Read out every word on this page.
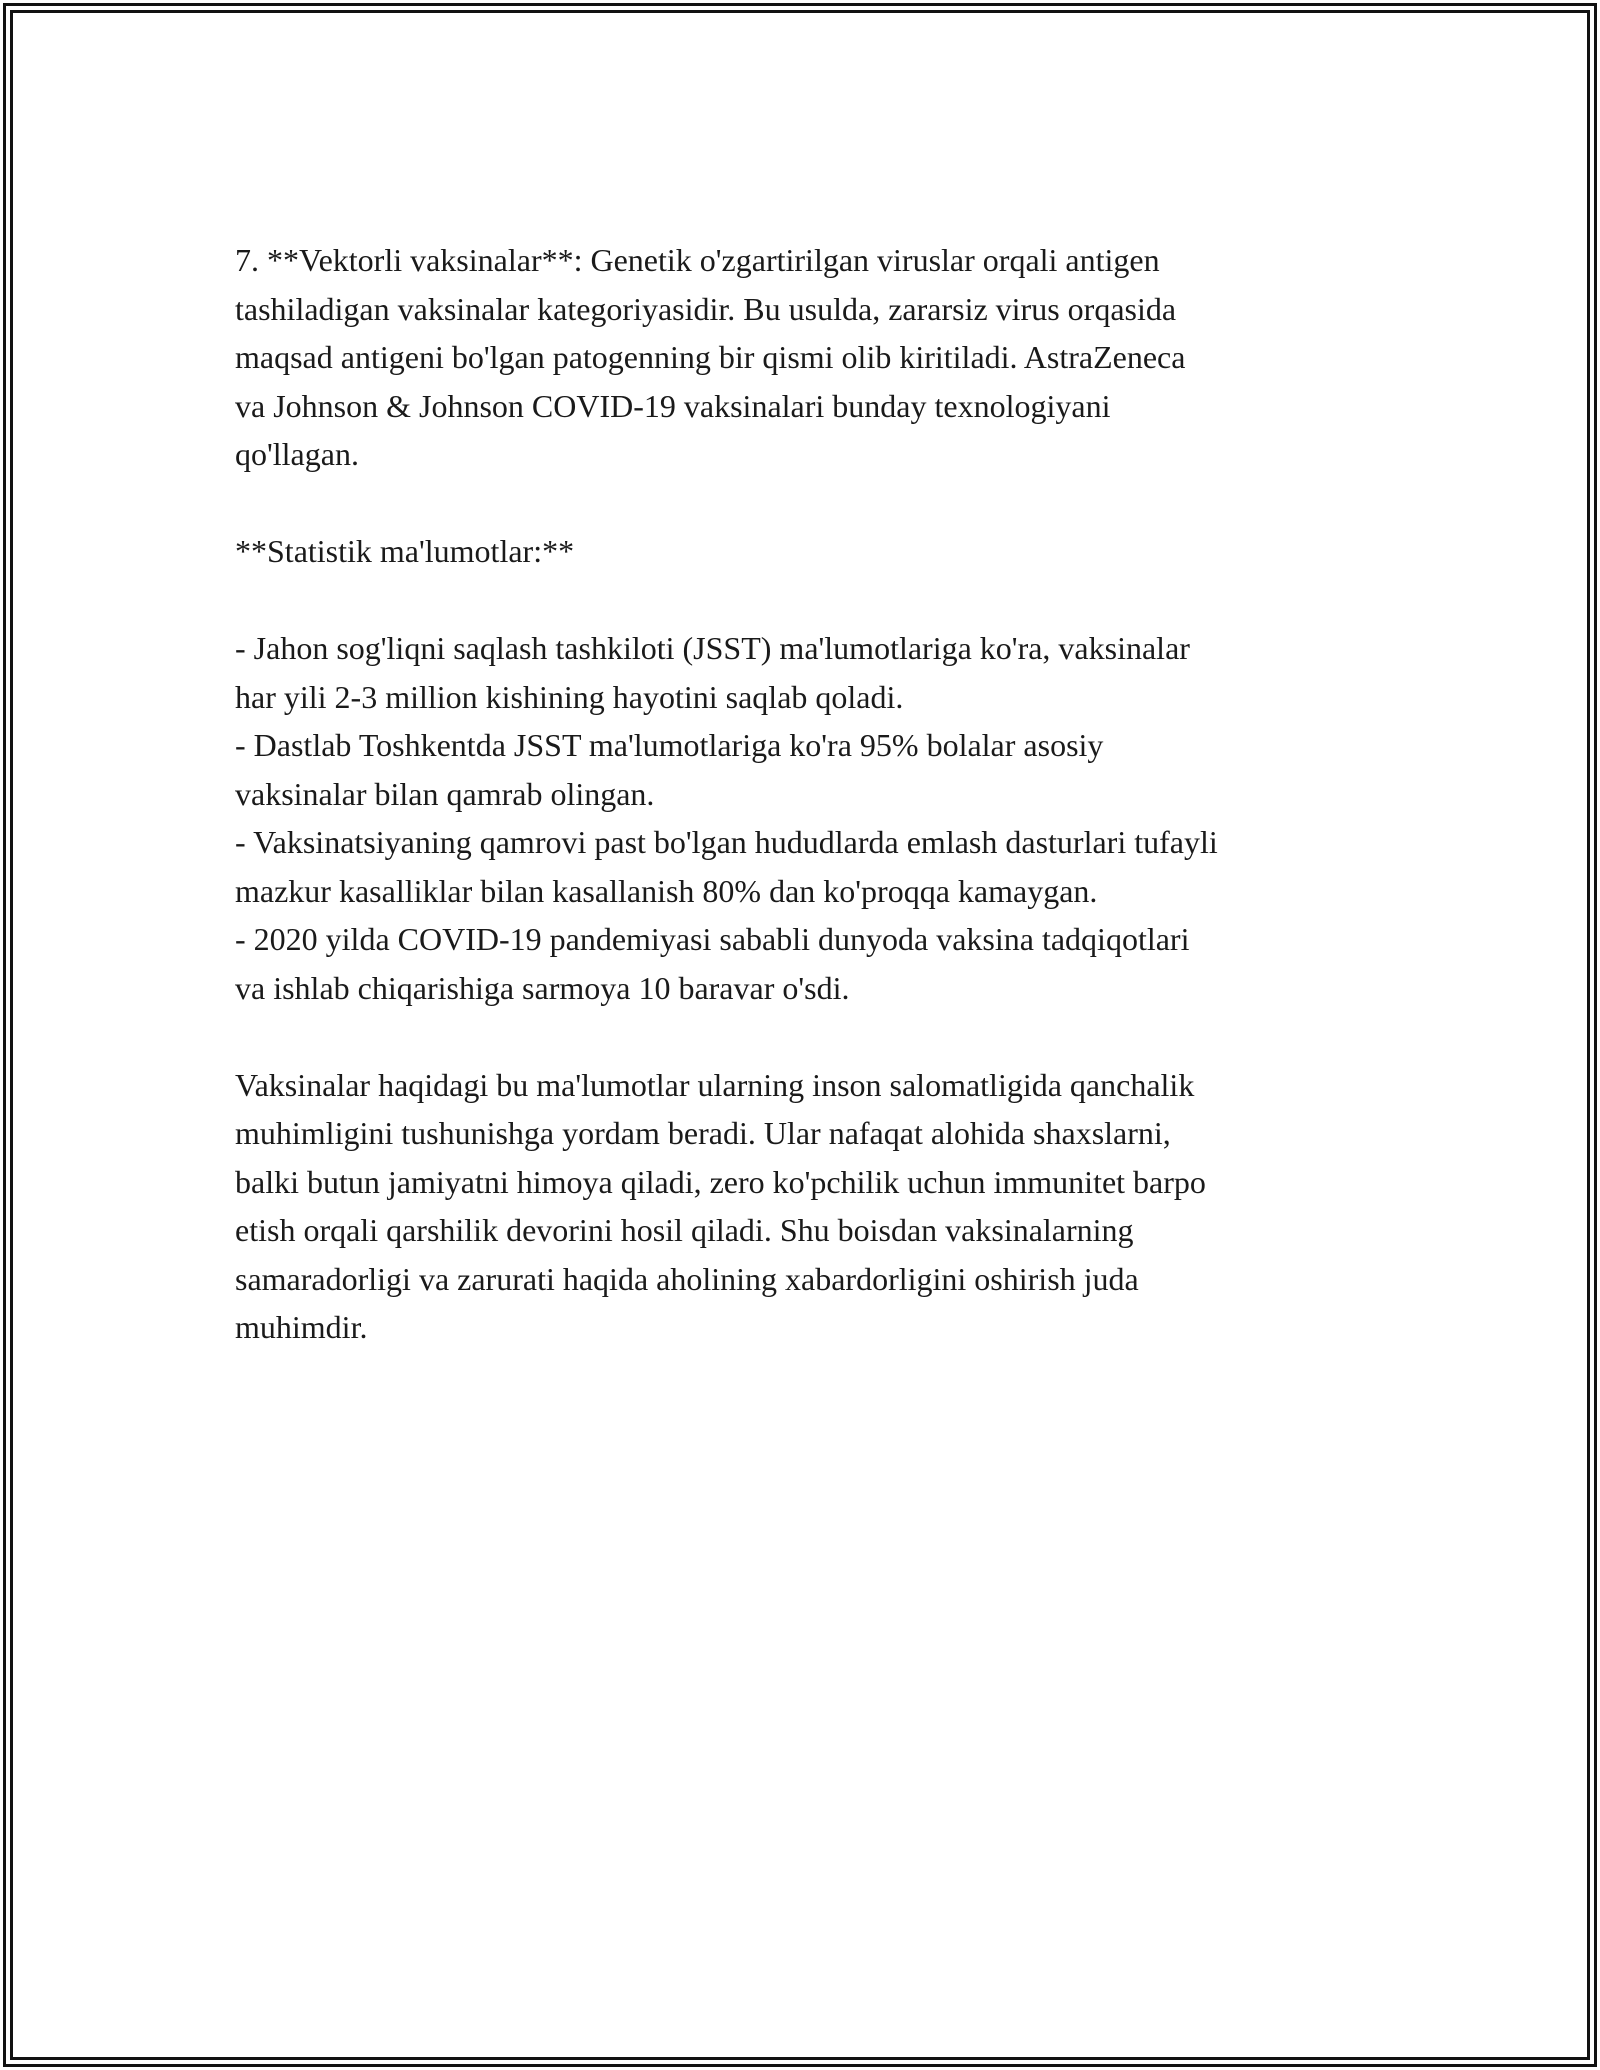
7. **Vektorli vaksinalar**: Genetik o'zgartirilgan viruslar orqali antigen
tashiladigan vaksinalar kategoriyasidir. Bu usulda, zararsiz virus orqasida
maqsad antigeni bo'lgan patogenning bir qismi olib kiritiladi. AstraZeneca
va Johnson & Johnson COVID-19 vaksinalari bunday texnologiyani
qo'llagan.

**Statistik ma'lumotlar:**

- Jahon sog'liqni saqlash tashkiloti (JSST) ma'lumotlariga ko'ra, vaksinalar
har yili 2-3 million kishining hayotini saqlab qoladi.

- Dastlab Toshkentda JSST ma'lumotlariga ko'ra 95% bolalar asosiy
vaksinalar bilan qamrab olingan.

- Vaksinatsiyaning qamrovi past bo'lgan hududlarda emlash dasturlari tufayli
mazkur kasalliklar bilan kasallanish 80% dan ko'proqqa kamaygan.

- 2020 yilda COVID-19 pandemiyasi sababli dunyoda vaksina tadqiqotlari
va ishlab chiqarishiga sarmoya 10 baravar o'sdi.

Vaksinalar haqidagi bu ma'lumotlar ularning inson salomatligida qanchalik
muhimligini tushunishga yordam beradi. Ular nafaqat alohida shaxslarni,
balki butun jamiyatni himoya qiladi, zero ko'pchilik uchun immunitet barpo
etish orqali qarshilik devorini hosil qiladi. Shu boisdan vaksinalarning
samaradorligi va zarurati haqida aholining xabardorligini oshirish juda
muhimdir.
